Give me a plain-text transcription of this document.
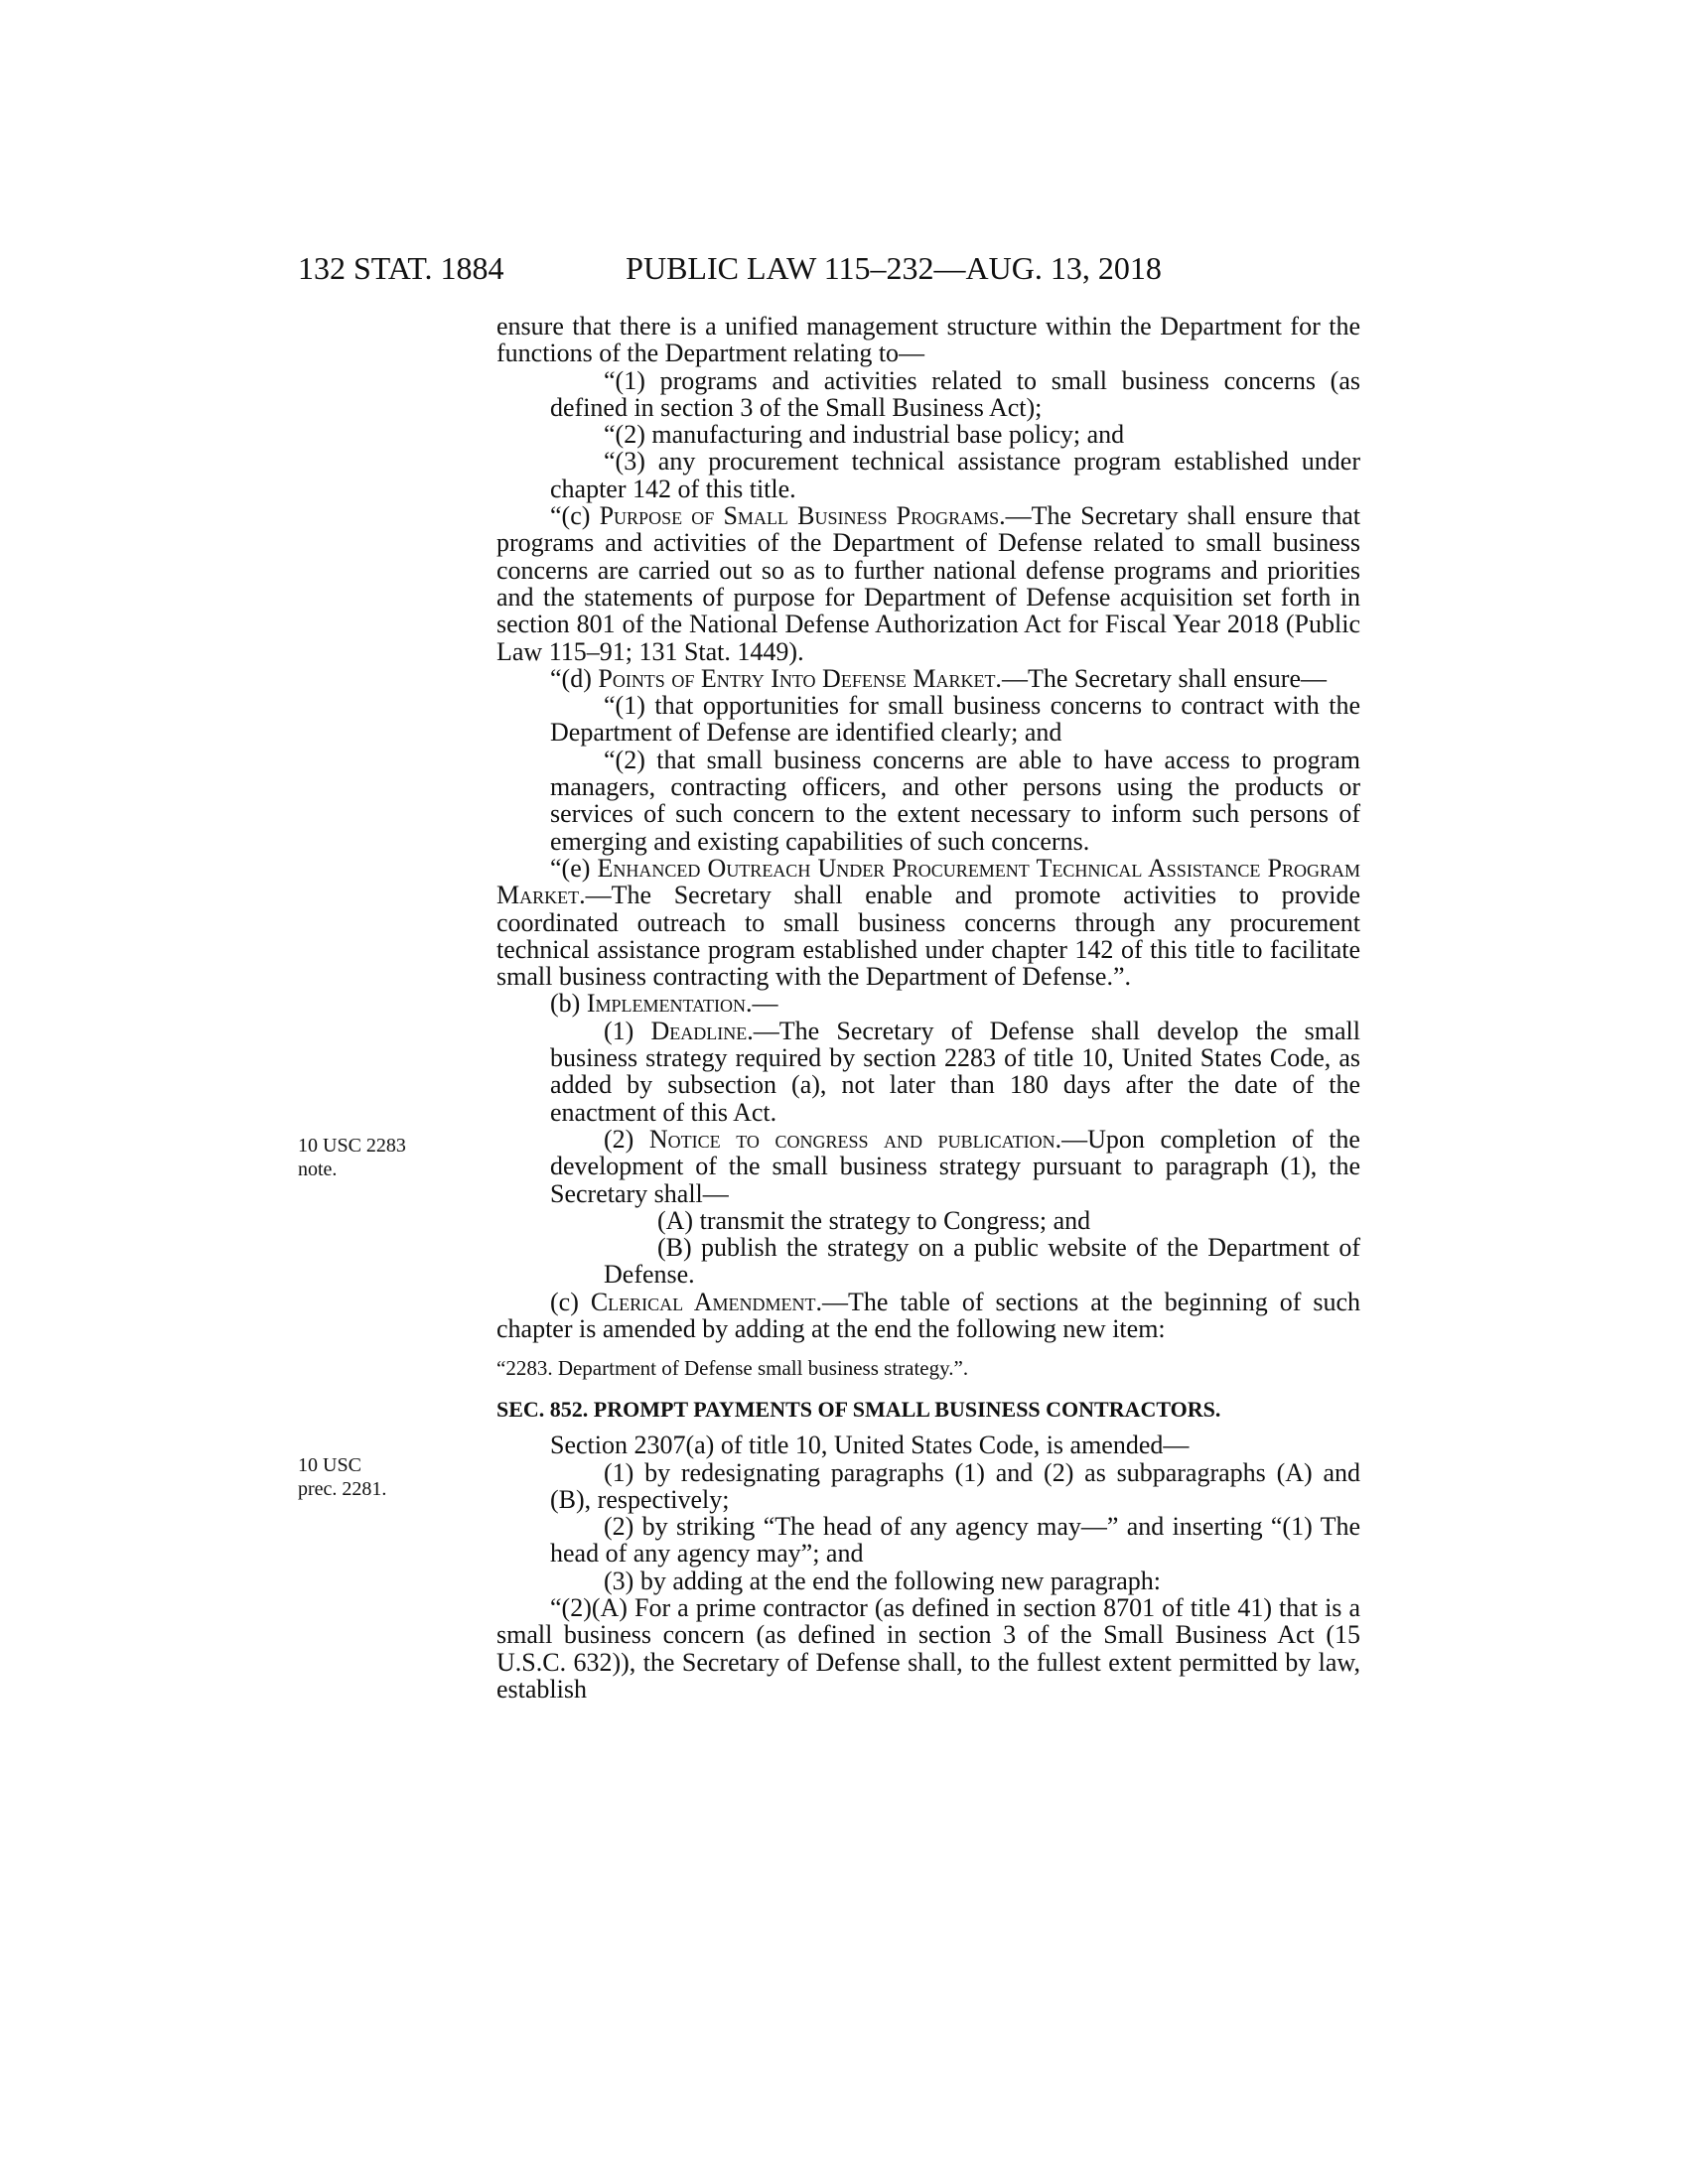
132 STAT. 1884	PUBLIC LAW 115–232—AUG. 13, 2018
10 USC 2283
note.
10 USC
prec. 2281.

ensure that there is a unified management structure within the Department for the functions of the Department relating to—

“(1) programs and activities related to small business concerns (as defined in section 3 of the Small Business Act);

“(2) manufacturing and industrial base policy; and

“(3) any procurement technical assistance program established under chapter 142 of this title.

“(c) Purpose of Small Business Programs.—The Secretary shall ensure that programs and activities of the Department of Defense related to small business concerns are carried out so as to further national defense programs and priorities and the statements of purpose for Department of Defense acquisition set forth in section 801 of the National Defense Authorization Act for Fiscal Year 2018 (Public Law 115–91; 131 Stat. 1449).

“(d) Points of Entry Into Defense Market.—The Secretary shall ensure—

“(1) that opportunities for small business concerns to contract with the Department of Defense are identified clearly; and

“(2) that small business concerns are able to have access to program managers, contracting officers, and other persons using the products or services of such concern to the extent necessary to inform such persons of emerging and existing capabilities of such concerns.

“(e) Enhanced Outreach Under Procurement Technical Assistance Program Market.—The Secretary shall enable and promote activities to provide coordinated outreach to small business concerns through any procurement technical assistance program established under chapter 142 of this title to facilitate small business contracting with the Department of Defense.”.

(b) Implementation.—

(1) Deadline.—The Secretary of Defense shall develop the small business strategy required by section 2283 of title 10, United States Code, as added by subsection (a), not later than 180 days after the date of the enactment of this Act.

(2) Notice to congress and publication.—Upon completion of the development of the small business strategy pursuant to paragraph (1), the Secretary shall—

(A) transmit the strategy to Congress; and

(B) publish the strategy on a public website of the Department of Defense.

(c) Clerical Amendment.—The table of sections at the beginning of such chapter is amended by adding at the end the following new item:

“2283. Department of Defense small business strategy.”.

SEC. 852. PROMPT PAYMENTS OF SMALL BUSINESS CONTRACTORS.

Section 2307(a) of title 10, United States Code, is amended—

(1) by redesignating paragraphs (1) and (2) as subparagraphs (A) and (B), respectively;

(2) by striking “The head of any agency may—” and inserting “(1) The head of any agency may”; and

(3) by adding at the end the following new paragraph:

“(2)(A) For a prime contractor (as defined in section 8701 of title 41) that is a small business concern (as defined in section 3 of the Small Business Act (15 U.S.C. 632)), the Secretary of Defense shall, to the fullest extent permitted by law, establish
